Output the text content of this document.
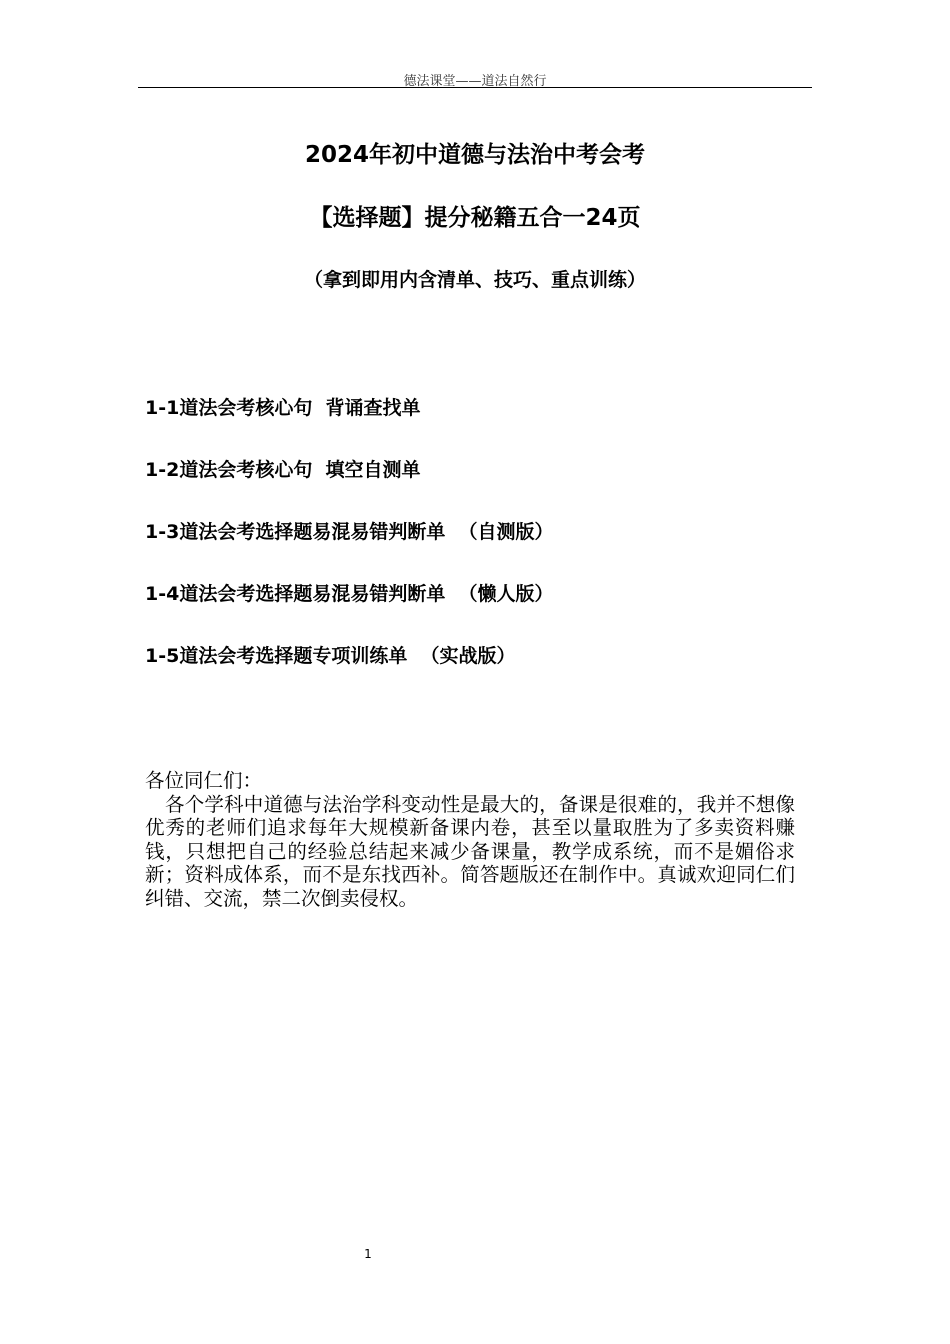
德法课堂——道法自然行
2024年初中道德与法治中考会考
【选择题】提分秘籍五合一24页
（拿到即用内含清单、技巧、重点训练）
1-1道法会考核心句  背诵查找单
1-2道法会考核心句  填空自测单
1-3道法会考选择题易混易错判断单  （自测版）
1-4道法会考选择题易混易错判断单  （懒人版）
1-5道法会考选择题专项训练单  （实战版）

各位同仁们：

各个学科中道德与法治学科变动性是最大的，备课是很难的，我并不想像优秀的老师们追求每年大规模新备课内卷，甚至以量取胜为了多卖资料赚钱，只想把自己的经验总结起来减少备课量，教学成系统，而不是媚俗求新；资料成体系，而不是东找西补。简答题版还在制作中。真诚欢迎同仁们纠错、交流，禁二次倒卖侵权。

1
